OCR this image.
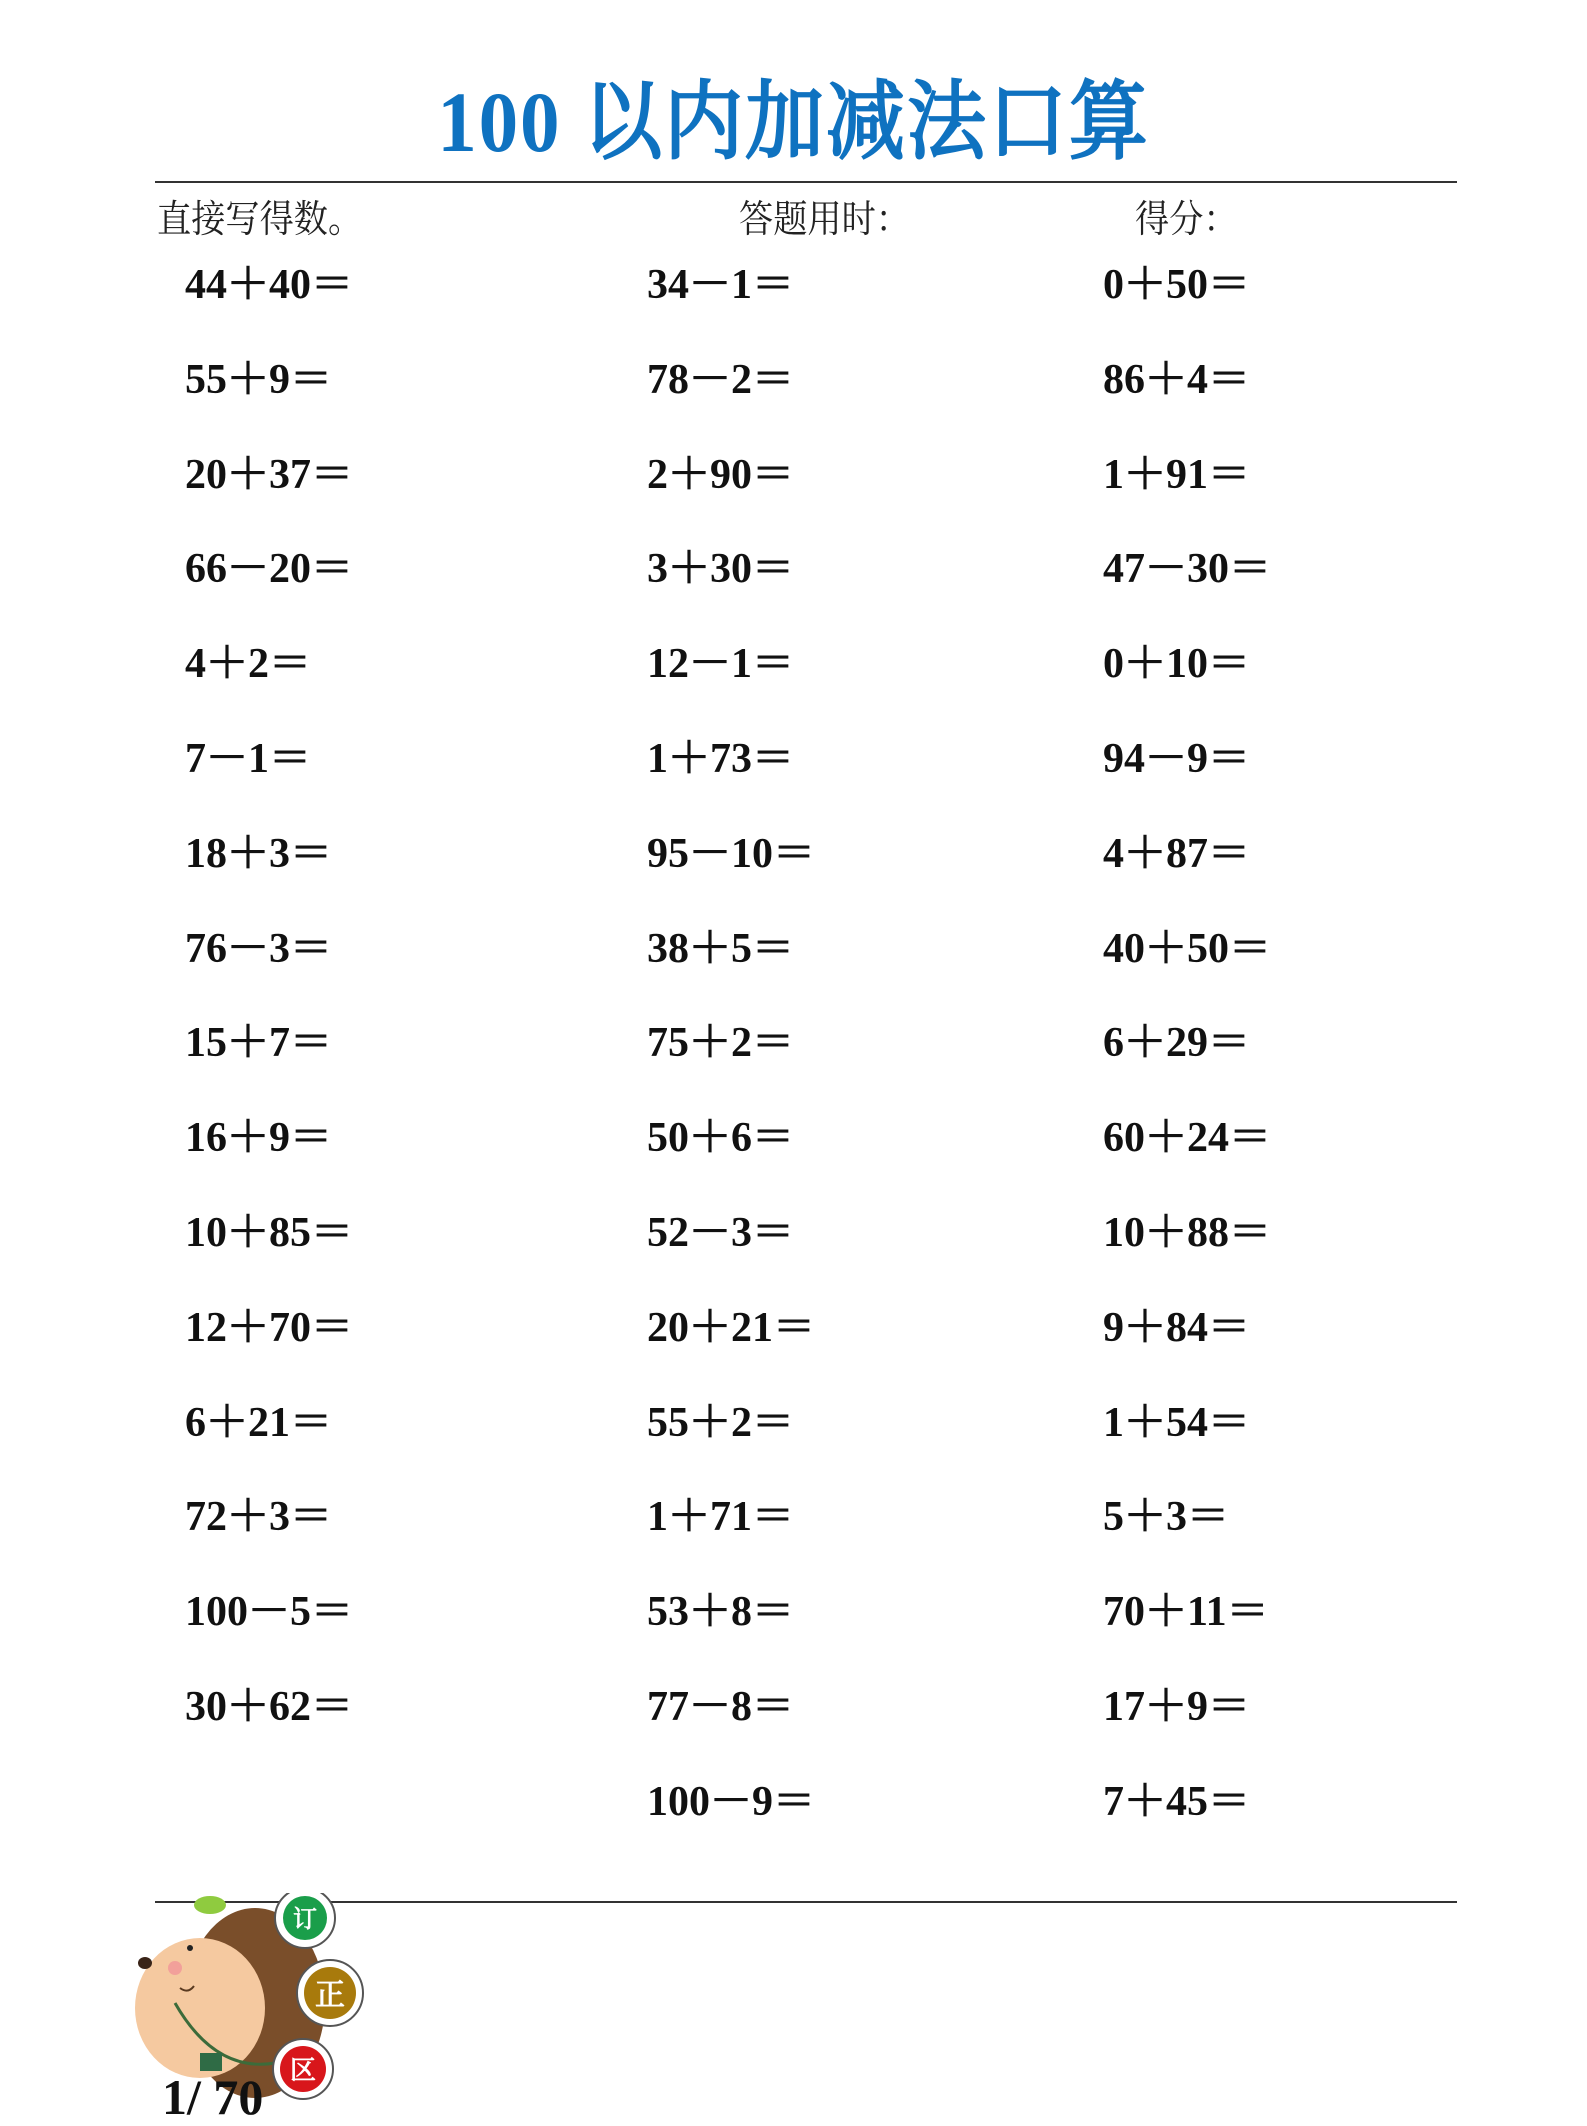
100 以内加减法口算
直接写得数。	答题用时：	得分：
44＋40＝
55＋9＝
20＋37＝
66－20＝
4＋2＝
7－1＝
18＋3＝
76－3＝
15＋7＝
16＋9＝
10＋85＝
12＋70＝
6＋21＝
72＋3＝
100－5＝
30＋62＝
34－1＝
78－2＝
2＋90＝
3＋30＝
12－1＝
1＋73＝
95－10＝
38＋5＝
75＋2＝
50＋6＝
52－3＝
20＋21＝
55＋2＝
1＋71＝
53＋8＝
77－8＝
100－9＝
0＋50＝
86＋4＝
1＋91＝
47－30＝
0＋10＝
94－9＝
4＋87＝
40＋50＝
6＋29＝
60＋24＝
10＋88＝
9＋84＝
1＋54＝
5＋3＝
70＋11＝
17＋9＝
7＋45＝
订
正
区
1/ 70
